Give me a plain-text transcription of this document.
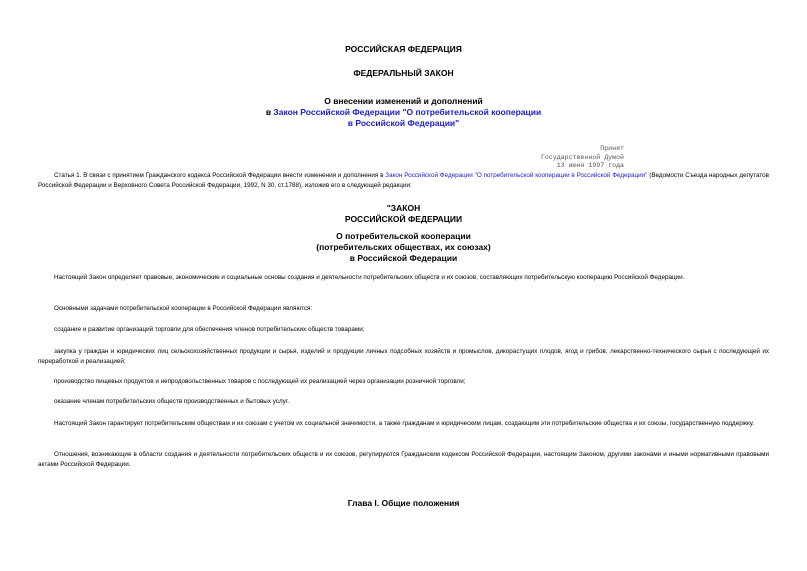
РОССИЙСКАЯ ФЕДЕРАЦИЯ
ФЕДЕРАЛЬНЫЙ ЗАКОН
О внесении изменений и дополнений
в Закон Российской Федерации "О потребительской кооперации
в Российской Федерации"
Принят
Государственной Думой
13 июня 1997 года
Статья 1. В связи с принятием Гражданского кодекса Российской Федерации внести изменения и дополнения в Закон Российской Федерации "О потребительской кооперации в Российской Федерации" (Ведомости Съезда народных депутатов Российской Федерации и Верховного Совета Российской Федерации, 1992, N 30, ст.1788), изложив его в следующей редакции:
"ЗАКОН
РОССИЙСКОЙ ФЕДЕРАЦИИ
О потребительской кооперации
(потребительских обществах, их союзах)
в Российской Федерации
Настоящий Закон определяет правовые, экономические и социальные основы создания и деятельности потребительских обществ и их союзов, составляющих потребительскую кооперацию Российской Федерации.
Основными задачами потребительской кооперации в Российской Федерации являются:
создание и развитие организаций торговли для обеспечения членов потребительских обществ товарами;
закупка у граждан и юридических лиц сельскохозяйственных продукции и сырья, изделий и продукции личных подсобных хозяйств и промыслов, дикорастущих плодов, ягод и грибов, лекарственно-технического сырья с последующей их переработкой и реализацией;
производство пищевых продуктов и непродовольственных товаров с последующей их реализацией через организации розничной торговли;
оказание членам потребительских обществ производственных и бытовых услуг.
Настоящий Закон гарантирует потребительским обществам и их союзам с учетом их социальной значимости, а также гражданам и юридическим лицам, создающим эти потребительские общества и их союзы, государственную поддержку.
Отношения, возникающие в области создания и деятельности потребительских обществ и их союзов, регулируются Гражданским кодексом Российской Федерации, настоящим Законом, другими законами и иными нормативными правовыми актами Российской Федерации.
Глава I. Общие положения
